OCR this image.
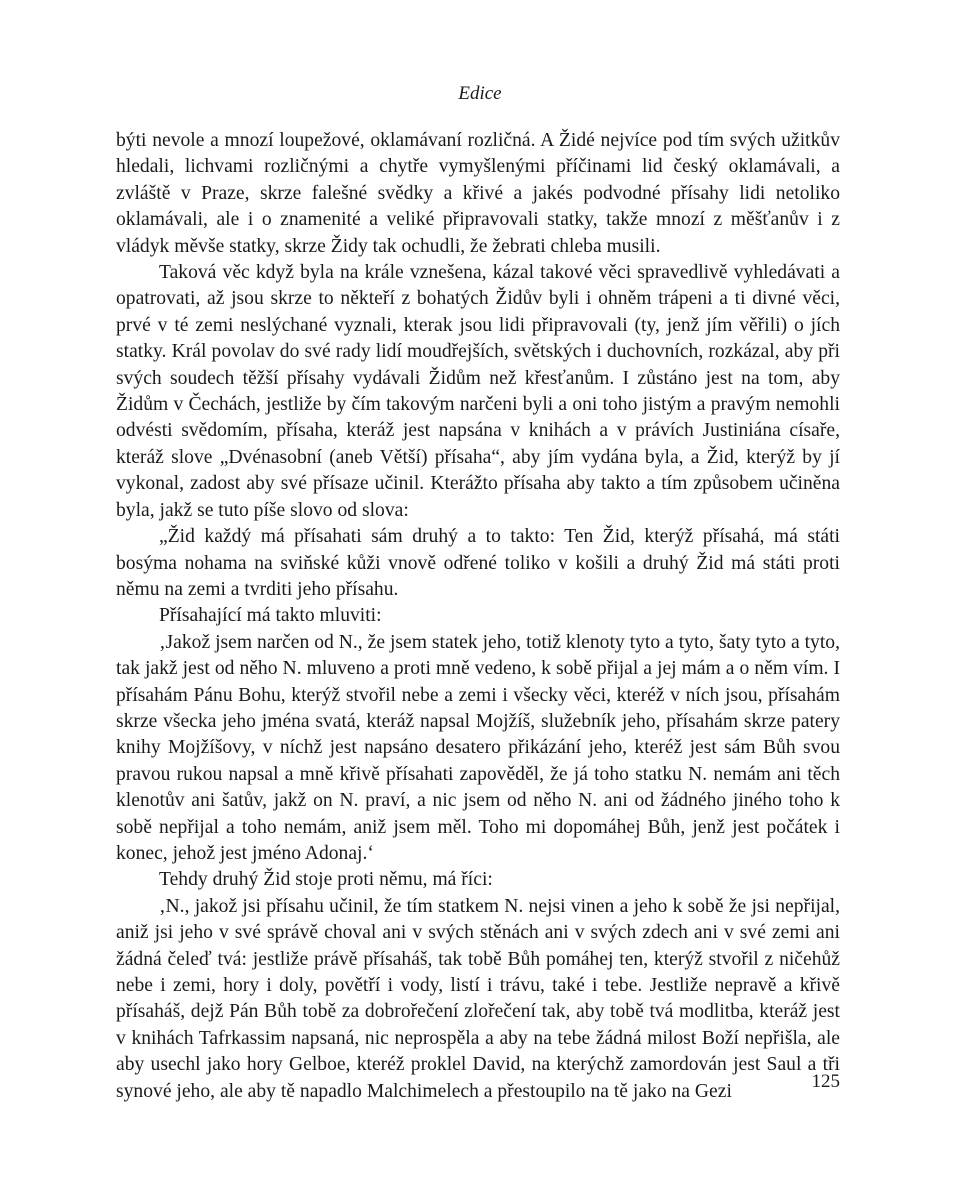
Edice

býti nevole a mnozí loupežové, oklamávaní rozličná. A Židé nejvíce pod tím svých užitkův hledali, lichvami rozličnými a chytře vymyšlenými příčinami lid český oklamávali, a zvláště v Praze, skrze falešné svědky a křivé a jakés podvodné přísahy lidi netoliko oklamávali, ale i o znamenité a veliké připravovali statky, takže mnozí z měšťanův i z vládyk měvše statky, skrze Židy tak ochudli, že žebrati chleba musili.

Taková věc když byla na krále vznešena, kázal takové věci spravedlivě vyhledávati a opatrovati, až jsou skrze to někteří z bohatých Židův byli i ohněm trápeni a ti divné věci, prvé v té zemi neslýchané vyznali, kterak jsou lidi připravovali (ty, jenž jím věřili) o jích statky. Král povolav do své rady lidí moudřejších, světských i duchovních, rozkázal, aby při svých soudech těžší přísahy vydávali Židům než křesťanům. I zůstáno jest na tom, aby Židům v Čechách, jestliže by čím takovým narčeni byli a oni toho jistým a pravým nemohli odvésti svědomím, přísaha, kteráž jest napsána v knihách a v právích Justiniána císaře, kteráž slove „Dvénasobní (aneb Větší) přísaha“, aby jím vydána byla, a Žid, kterýž by jí vykonal, zadost aby své přísaze učinil. Kterážto přísaha aby takto a tím způsobem učiněna byla, jakž se tuto píše slovo od slova:

„Žid každý má přísahati sám druhý a to takto: Ten Žid, kterýž přísahá, má státi bosýma nohama na sviňské kůži vnově odřené toliko v košili a druhý Žid má státi proti němu na zemi a tvrditi jeho přísahu.

Přísahající má takto mluviti:

‚Jakož jsem narčen od N., že jsem statek jeho, totiž klenoty tyto a tyto, šaty tyto a tyto, tak jakž jest od něho N. mluveno a proti mně vedeno, k sobě přijal a jej mám a o něm vím. I přísahám Pánu Bohu, kterýž stvořil nebe a zemi i všecky věci, kteréž v ních jsou, přísahám skrze všecka jeho jména svatá, kteráž napsal Mojžíš, služebník jeho, přísahám skrze patery knihy Mojžíšovy, v níchž jest napsáno desatero přikázání jeho, kteréž jest sám Bůh svou pravou rukou napsal a mně křivě přísahati zapověděl, že já toho statku N. nemám ani těch klenotův ani šatův, jakž on N. praví, a nic jsem od něho N. ani od žádného jiného toho k sobě nepřijal a toho nemám, aniž jsem měl. Toho mi dopomáhej Bůh, jenž jest počátek i konec, jehož jest jméno Adonaj.‘

Tehdy druhý Žid stoje proti němu, má říci:

‚N., jakož jsi přísahu učinil, že tím statkem N. nejsi vinen a jeho k sobě že jsi nepřijal, aniž jsi jeho v své správě choval ani v svých stěnách ani v svých zdech ani v své zemi ani žádná čeleď tvá: jestliže právě přísaháš, tak tobě Bůh pomáhej ten, kterýž stvořil z ničehůž nebe i zemi, hory i doly, povětří i vody, listí i trávu, také i tebe. Jestliže nepravě a křivě přísaháš, dejž Pán Bůh tobě za dobrořečení zlořečení tak, aby tobě tvá modlitba, kteráž jest v knihách Tafrkassim napsaná, nic neprospěla a aby na tebe žádná milost Boží nepřišla, ale aby usechl jako hory Gelboe, kteréž proklel David, na kterýchž zamordován jest Saul a tři synové jeho, ale aby tě napadlo Malchimelech a přestoupilo na tě jako na Gezi	125
